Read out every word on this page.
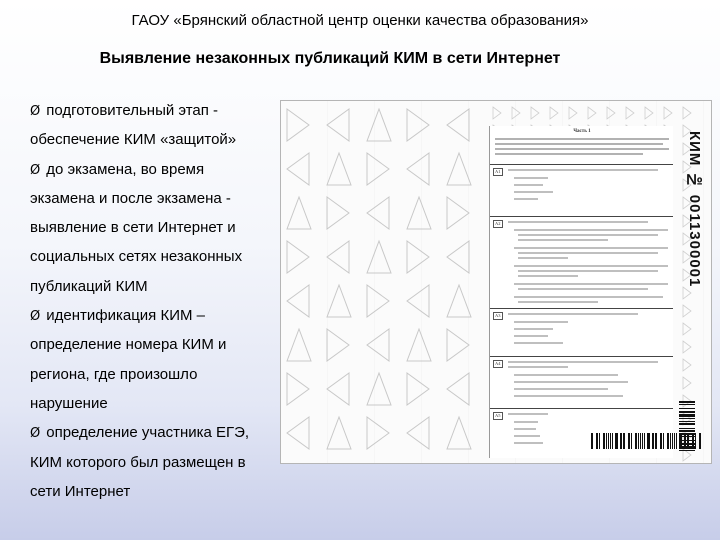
ГАОУ «Брянский областной центр оценки качества образования»
Выявление незаконных публикаций КИМ в сети Интернет
Ø подготовительный этап -
обеспечение КИМ «защитой»
Ø до экзамена, во время
экзамена и после экзамена -
выявление в сети Интернет и
социальных сетях незаконных
публикаций КИМ
Ø идентификация КИМ –
определение номера КИМ и
региона, где произошло
нарушение
Ø определение участника ЕГЭ,
КИМ которого был размещен в
сети Интернет
Часть 1
A1
A2
A3
A4
A5
КИМ № 0011300001
